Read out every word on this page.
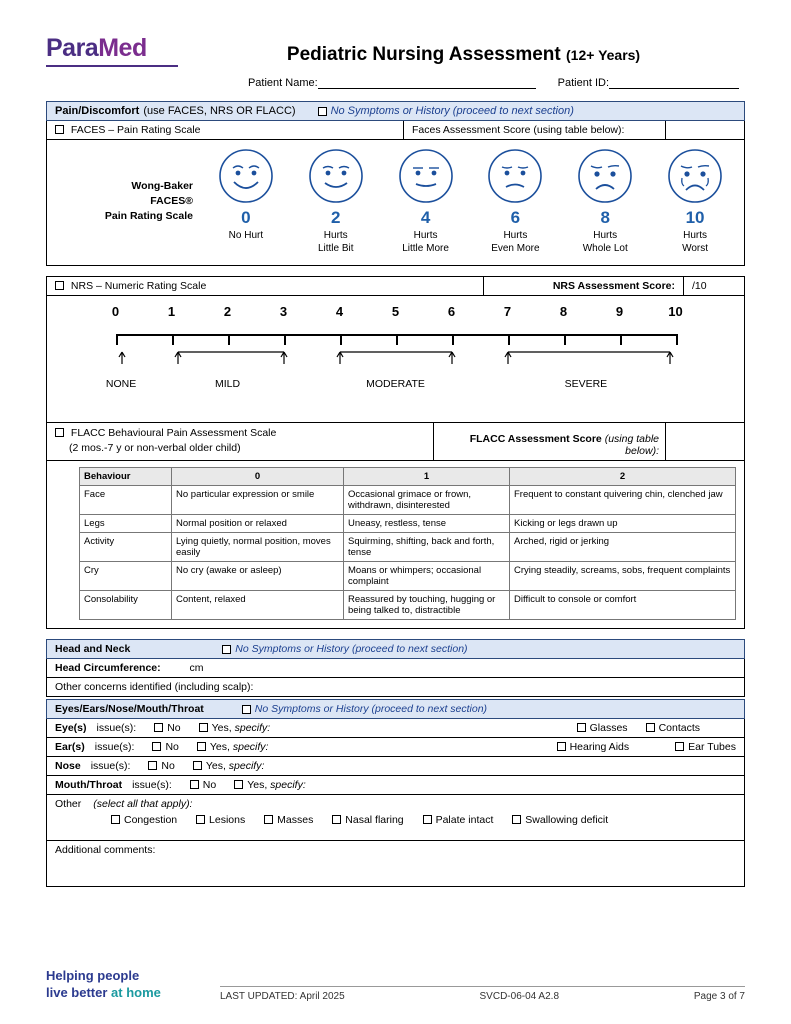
ParaMed	Pediatric Nursing Assessment (12+ Years)
Patient Name:	Patient ID:
Pain/Discomfort (use FACES, NRS OR FLACC)	No Symptoms or History (proceed to next section)
FACES – Pain Rating Scale	Faces Assessment Score (using table below):
Wong-Baker
FACES®
Pain Rating Scale	0
No Hurt
2
Hurts
Little Bit
4
Hurts
Little More
6
Hurts
Even More
8
Hurts
Whole Lot
10
Hurts
Worst
NRS – Numeric Rating Scale	NRS Assessment Score:	/10
0	1	2	3	4	5	6	7	8	9	10
NONE	MILD	MODERATE	SEVERE
FLACC Behavioural Pain Assessment Scale
(2 mos.-7 y or non-verbal older child)
FLACC Assessment Score (using table below):
Behaviour	0	1	2
Face	No particular expression or smile	Occasional grimace or frown, withdrawn, disinterested	Frequent to constant quivering chin, clenched jaw
Legs	Normal position or relaxed	Uneasy, restless, tense	Kicking or legs drawn up
Activity	Lying quietly, normal position, moves easily	Squirming, shifting, back and forth, tense	Arched, rigid or jerking
Cry	No cry (awake or asleep)	Moans or whimpers; occasional complaint	Crying steadily, screams, sobs, frequent complaints
Consolability	Content, relaxed	Reassured by touching, hugging or being talked to, distractible	Difficult to console or comfort
Head and Neck	No Symptoms or History (proceed to next section)
Head Circumference:	cm
Other concerns identified (including scalp):
Eyes/Ears/Nose/Mouth/Throat	No Symptoms or History (proceed to next section)
Eye(s) issue(s):	No	Yes, specify:	Glasses	Contacts
Ear(s) issue(s):	No	Yes, specify:	Hearing Aids	Ear Tubes
Nose issue(s):	No	Yes, specify:
Mouth/Throat issue(s):	No	Yes, specify:
Other (select all that apply):
Congestion	Lesions	Masses	Nasal flaring	Palate intact	Swallowing deficit
Additional comments:
Helping people
live better at home	LAST UPDATED: April 2025	SVCD-06-04 A2.8	Page 3 of 7
